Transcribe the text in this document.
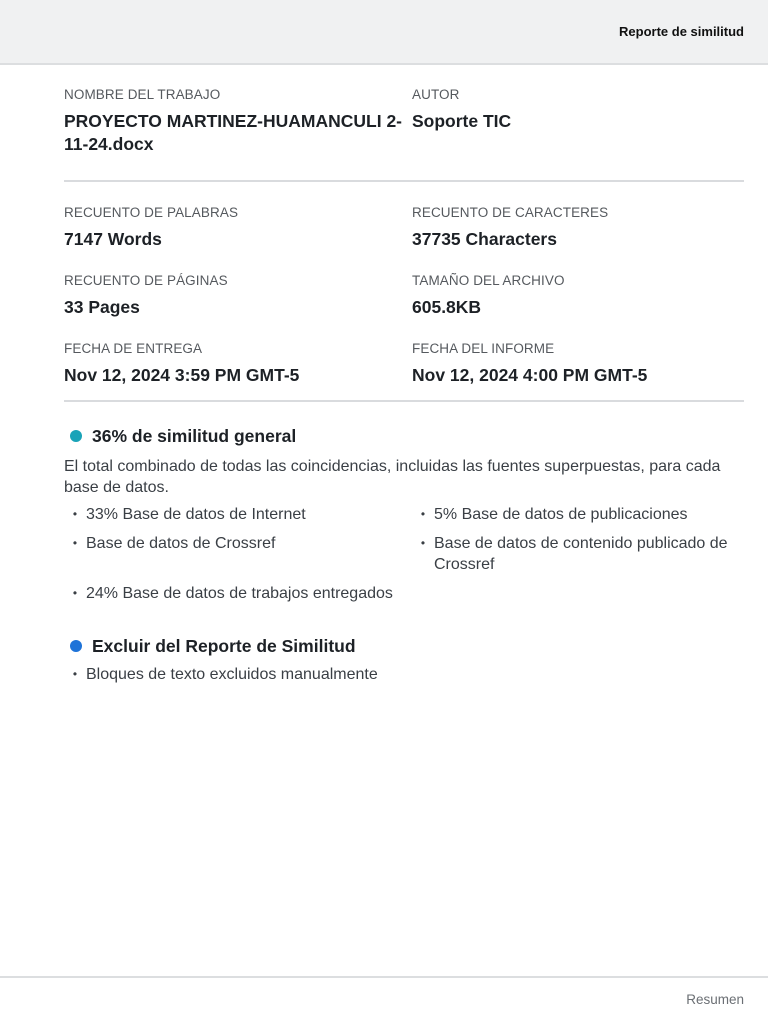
Reporte de similitud
NOMBRE DEL TRABAJO
PROYECTO MARTINEZ-HUAMANCULI 2-11-24.docx
AUTOR
Soporte TIC
RECUENTO DE PALABRAS
7147 Words
RECUENTO DE CARACTERES
37735 Characters
RECUENTO DE PÁGINAS
33 Pages
TAMAÑO DEL ARCHIVO
605.8KB
FECHA DE ENTREGA
Nov 12, 2024 3:59 PM GMT-5
FECHA DEL INFORME
Nov 12, 2024 4:00 PM GMT-5
36% de similitud general
El total combinado de todas las coincidencias, incluidas las fuentes superpuestas, para cada base de datos.
• 33% Base de datos de Internet	• 5% Base de datos de publicaciones
• Base de datos de Crossref	• Base de datos de contenido publicado de Crossref
• 24% Base de datos de trabajos entregados
Excluir del Reporte de Similitud
• Bloques de texto excluidos manualmente
Resumen
